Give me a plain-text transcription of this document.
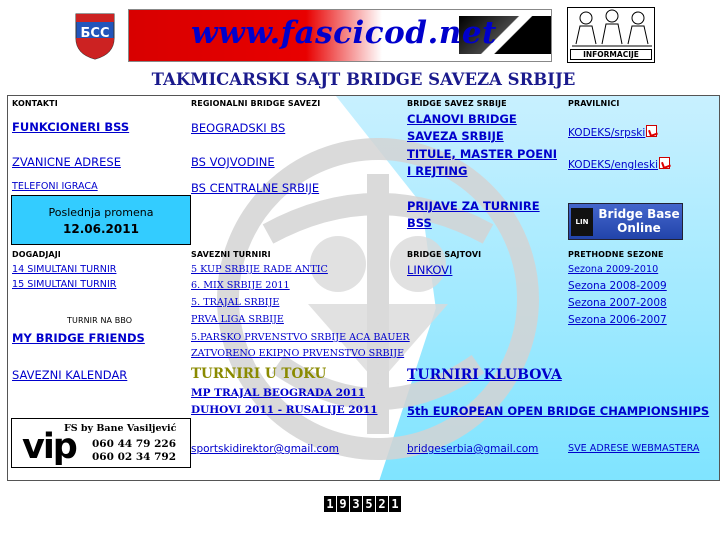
БСС	www.fascicod.net
INFORMACIJE
TAKMICARSKI SAJT BRIDGE SAVEZA SRBIJE
KONTAKTI
FUNKCIONERI BSS
ZVANICNE ADRESE
TELEFONI IGRACA
Poslednja promena
12.06.2011
DOGADJAJI
14 SIMULTANI TURNIR
15 SIMULTANI TURNIR
TURNIR NA BBO
MY BRIDGE FRIENDS
SAVEZNI KALENDAR
vip
FS by Bane Vasiljević
060 44 79 226
060 02 34 792
REGIONALNI BRIDGE SAVEZI
BEOGRADSKI BS
BS VOJVODINE
BS CENTRALNE SRBIJE
SAVEZNI TURNIRI
5 KUP SRBIJE RADE ANTIC
6. MIX SRBIJE 2011
5. TRAJAL SRBIJE
PRVA LIGA SRBIJE
5.PARSKO PRVENSTVO SRBIJE ACA BAUER
ZATVORENO EKIPNO PRVENSTVO SRBIJE
TURNIRI U TOKU
MP TRAJAL BEOGRADA 2011
DUHOVI 2011 - RUSALIJE 2011
sportskidirektor@gmail.com
BRIDGE SAVEZ SRBIJE
CLANOVI BRIDGE SAVEZA SRBIJE
TITULE, MASTER POENI I REJTING
PRIJAVE ZA TURNIRE BSS
BRIDGE SAJTOVI
LINKOVI
TURNIRI KLUBOVA
5th EUROPEAN OPEN BRIDGE CHAMPIONSHIPS
bridgeserbia@gmail.com
PRAVILNICI
KODEKS/srpski
KODEKS/engleski
LIN
Bridge Base Online
PRETHODNE SEZONE
Sezona 2009-2010
Sezona 2008-2009
Sezona 2007-2008
Sezona 2006-2007
SVE ADRESE WEBMASTERA
1 9 3 5 2 1
